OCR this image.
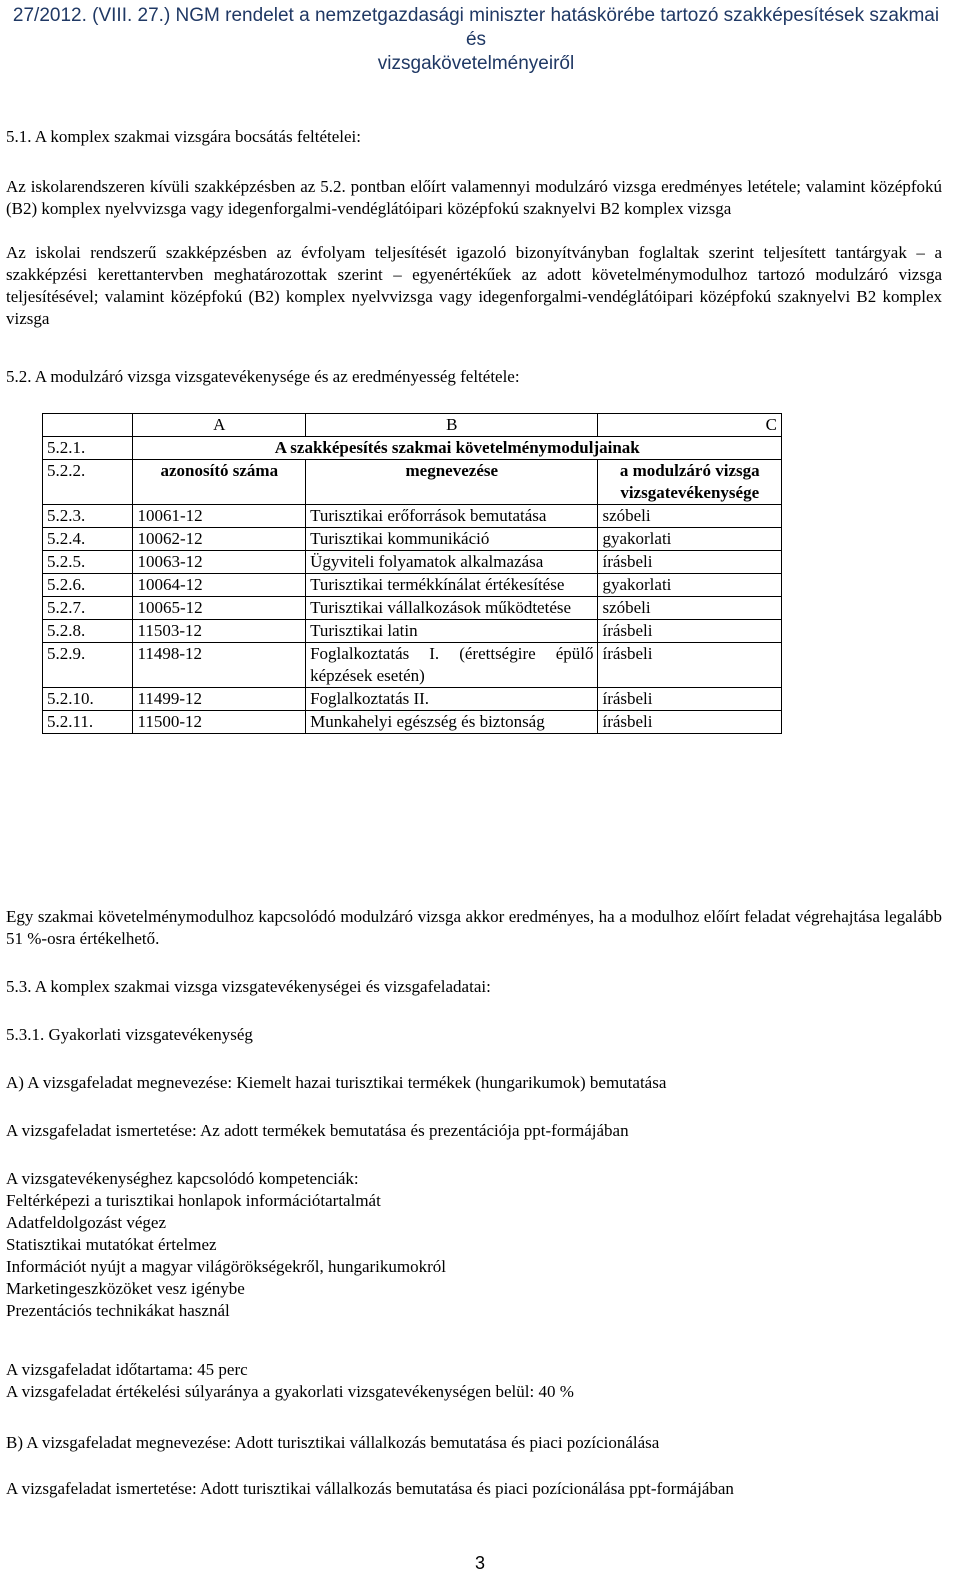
27/2012. (VIII. 27.) NGM rendelet a nemzetgazdasági miniszter hatáskörébe tartozó szakképesítések szakmai és
vizsgakövetelményeiről

5.1. A komplex szakmai vizsgára bocsátás feltételei:

Az iskolarendszeren kívüli szakképzésben az 5.2. pontban előírt valamennyi modulzáró vizsga eredményes letétele; valamint középfokú (B2) komplex nyelvvizsga vagy idegenforgalmi-vendéglátóipari középfokú szaknyelvi B2 komplex vizsga

Az iskolai rendszerű szakképzésben az évfolyam teljesítését igazoló bizonyítványban foglaltak szerint teljesített tantárgyak – a szakképzési kerettantervben meghatározottak szerint – egyenértékűek az adott követelménymodulhoz tartozó modulzáró vizsga teljesítésével; valamint középfokú (B2) komplex nyelvvizsga vagy idegenforgalmi-vendéglátóipari középfokú szaknyelvi B2 komplex vizsga

5.2. A modulzáró vizsga vizsgatevékenysége és az eredményesség feltétele:

	A	B	C
5.2.1.	A szakképesítés szakmai követelménymoduljainak		
5.2.2.	azonosító száma	megnevezése	a modulzáró vizsga vizsgatevékenysége
5.2.3.	10061-12	Turisztikai erőforrások bemutatása	szóbeli
5.2.4.	10062-12	Turisztikai kommunikáció	gyakorlati
5.2.5.	10063-12	Ügyviteli folyamatok alkalmazása	írásbeli
5.2.6.	10064-12	Turisztikai termékkínálat értékesítése	gyakorlati
5.2.7.	10065-12	Turisztikai vállalkozások működtetése	szóbeli
5.2.8.	11503-12	Turisztikai latin	írásbeli
5.2.9.	11498-12	Foglalkoztatás I. (érettségire épülő képzések esetén)	írásbeli
5.2.10.	11499-12	Foglalkoztatás II.	írásbeli
5.2.11.	11500-12	Munkahelyi egészség és biztonság	írásbeli

Egy szakmai követelménymodulhoz kapcsolódó modulzáró vizsga akkor eredményes, ha a modulhoz előírt feladat végrehajtása legalább 51 %-osra értékelhető.

5.3. A komplex szakmai vizsga vizsgatevékenységei és vizsgafeladatai:

5.3.1. Gyakorlati vizsgatevékenység

A) A vizsgafeladat megnevezése: Kiemelt hazai turisztikai termékek (hungarikumok) bemutatása

A vizsgafeladat ismertetése: Az adott termékek bemutatása és prezentációja ppt-formájában

A vizsgatevékenységhez kapcsolódó kompetenciák:
Feltérképezi a turisztikai honlapok információtartalmát
Adatfeldolgozást végez
Statisztikai mutatókat értelmez
Információt nyújt a magyar világörökségekről, hungarikumokról
Marketingeszközöket vesz igénybe
Prezentációs technikákat használ
A vizsgafeladat időtartama: 45 perc
A vizsgafeladat értékelési súlyaránya a gyakorlati vizsgatevékenységen belül: 40 %

B) A vizsgafeladat megnevezése: Adott turisztikai vállalkozás bemutatása és piaci pozícionálása

A vizsgafeladat ismertetése: Adott turisztikai vállalkozás bemutatása és piaci pozícionálása ppt-formájában

3
